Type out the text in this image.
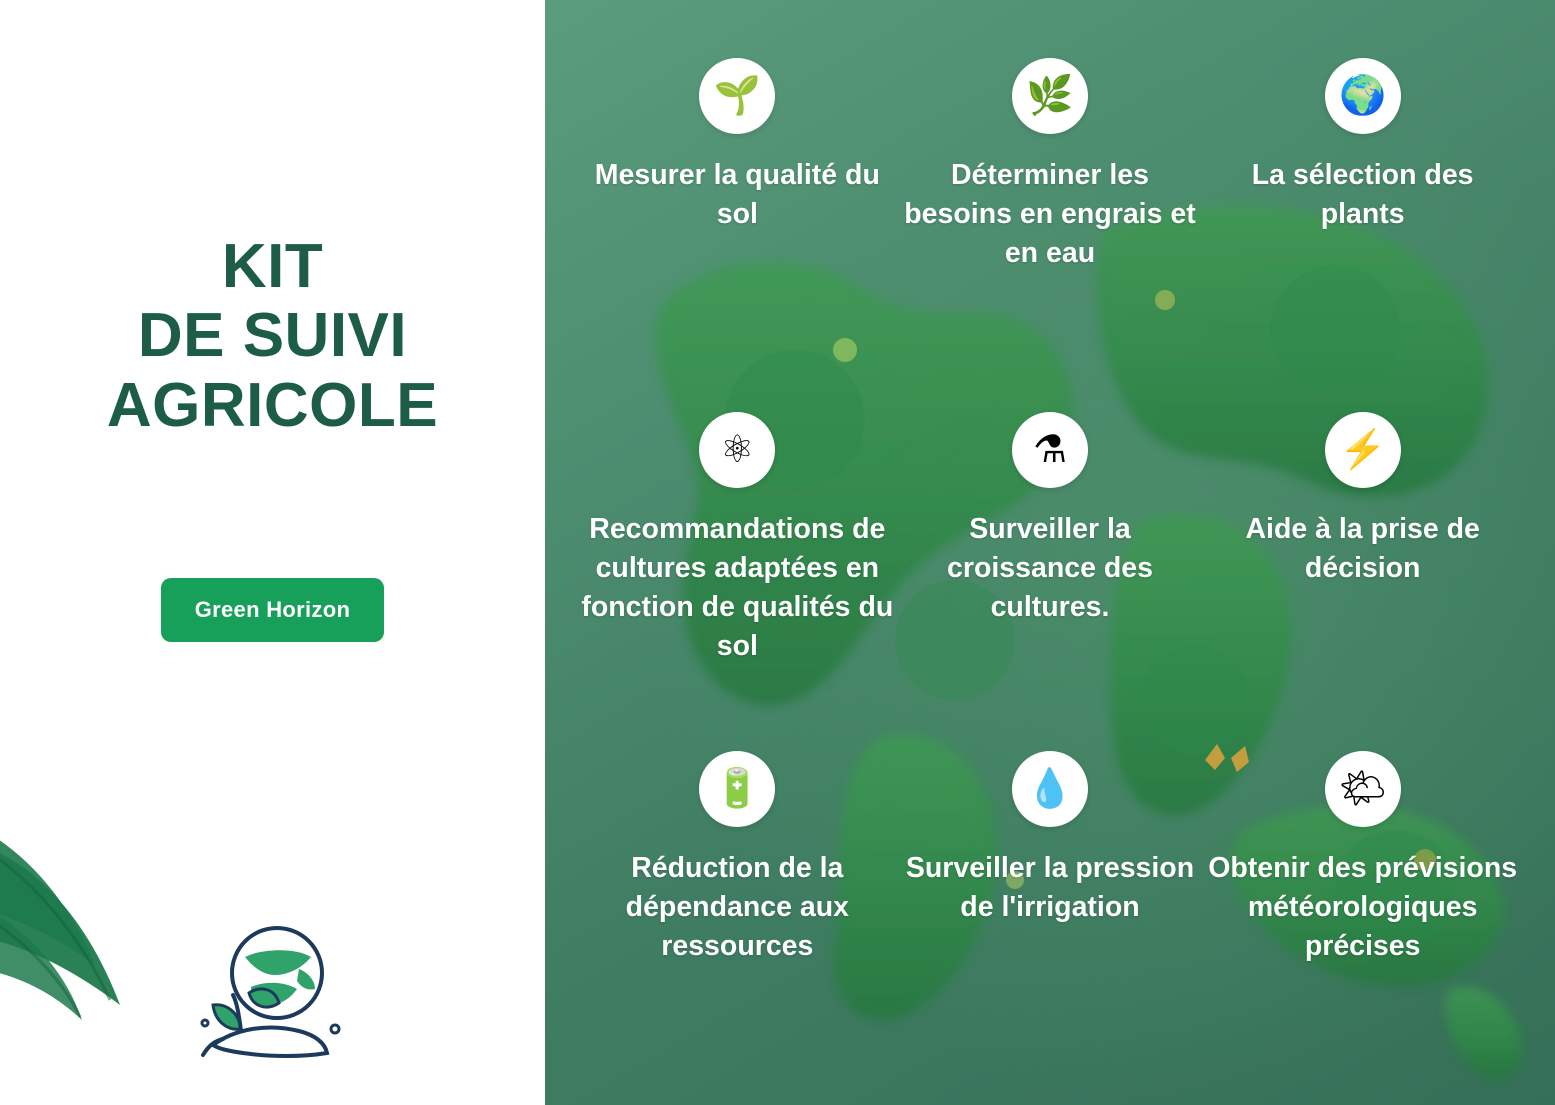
KIT
DE SUIVI
AGRICOLE
Green Horizon
🌱
Mesurer la qualité du sol
🌿
Déterminer les besoins en engrais et en eau
🌍
La sélection des plants
⚛
Recommandations de cultures adaptées en fonction de qualités du sol
⚗
Surveiller la croissance des cultures.
⚡
Aide à la prise de décision
🔋
Réduction de la dépendance aux ressources
💧
Surveiller la pression de l'irrigation
🌤
Obtenir des prévisions météorologiques précises
